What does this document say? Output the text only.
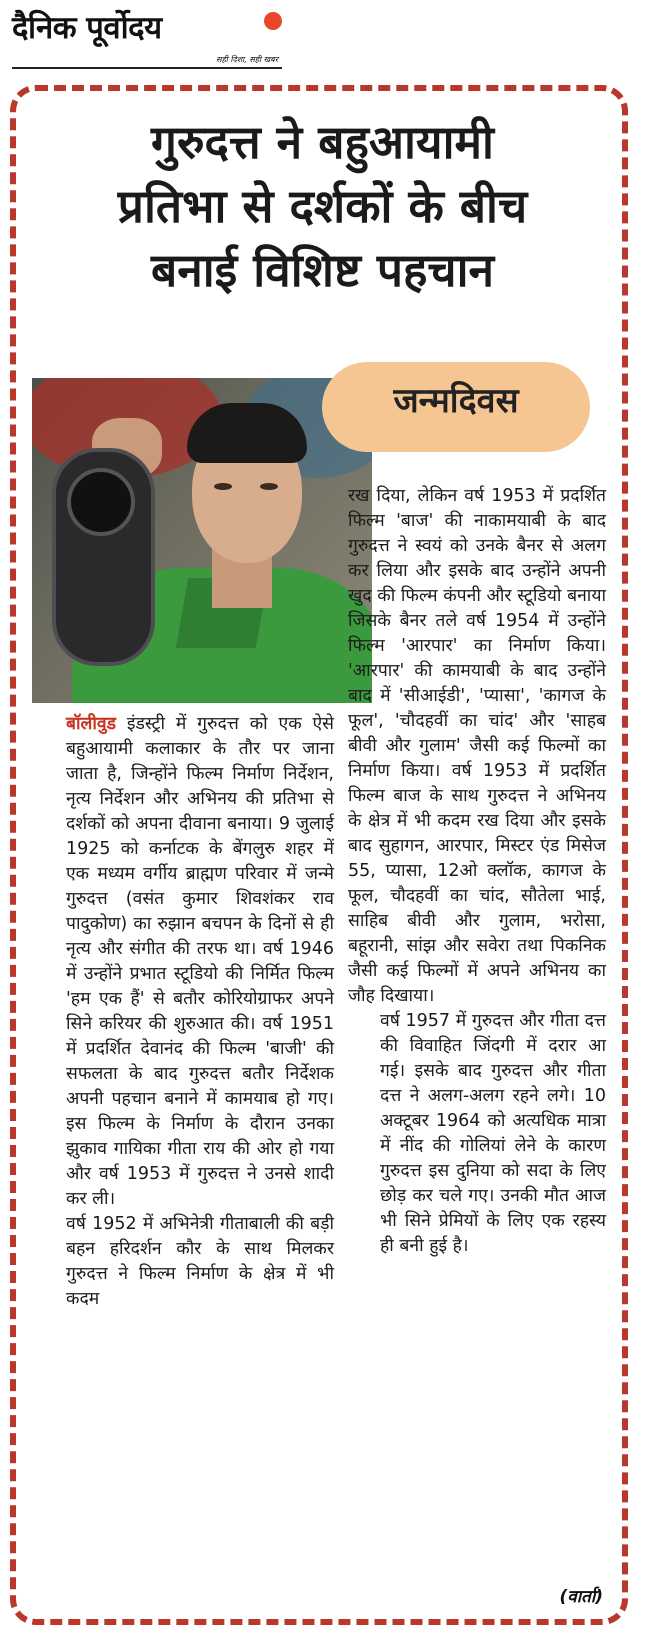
दैनिक पूर्वोदय
सही दिशा, सही खबर
गुरुदत्त ने बहुआयामी
प्रतिभा से दर्शकों के बीच
बनाई विशिष्ट पहचान
जन्मदिवस

रख दिया, लेकिन वर्ष 1953 में प्रदर्शित फिल्म 'बाज' की नाकामयाबी के बाद गुरुदत्त ने स्वयं को उनके बैनर से अलग कर लिया और इसके बाद उन्होंने अपनी खुद की फिल्म कंपनी और स्टूडियो बनाया जिसके बैनर तले वर्ष 1954 में उन्होंने फिल्म 'आरपार' का निर्माण किया। 'आरपार' की कामयाबी के बाद उन्होंने बाद में 'सीआईडी', 'प्यासा', 'कागज के फूल', 'चौदहवीं का चांद' और 'साहब बीवी और गुलाम' जैसी कई फिल्मों का निर्माण किया। वर्ष 1953 में प्रदर्शित फिल्म बाज के साथ गुरुदत्त ने अभिनय के क्षेत्र में भी कदम रख दिया और इसके बाद सुहागन, आरपार, मिस्टर एंड मिसेज 55, प्यासा, 12ओ क्लॉक, कागज के फूल, चौदहवीं का चांद, सौतेला भाई, साहिब बीवी और गुलाम, भरोसा, बहूरानी, सांझ और सवेरा तथा पिकनिक जैसी कई फिल्मों में अपने अभिनय का जौह दिखाया।

वर्ष 1957 में गुरुदत्त और गीता दत्त की विवाहित जिंदगी में दरार आ गई। इसके बाद गुरुदत्त और गीता दत्त ने अलग-अलग रहने लगे। 10 अक्टूबर 1964 को अत्यधिक मात्रा में नींद की गोलियां लेने के कारण गुरुदत्त इस दुनिया को सदा के लिए छोड़ कर चले गए। उनकी मौत आज भी सिने प्रेमियों के लिए एक रहस्य ही बनी हुई है।

बॉलीवुड इंडस्ट्री में गुरुदत्त को एक ऐसे बहुआयामी कलाकार के तौर पर जाना जाता है, जिन्होंने फिल्म निर्माण निर्देशन, नृत्य निर्देशन और अभिनय की प्रतिभा से दर्शकों को अपना दीवाना बनाया। 9 जुलाई 1925 को कर्नाटक के बेंगलुरु शहर में एक मध्यम वर्गीय ब्राह्मण परिवार में जन्मे गुरुदत्त (वसंत कुमार शिवशंकर राव पादुकोण) का रुझान बचपन के दिनों से ही नृत्य और संगीत की तरफ था। वर्ष 1946 में उन्होंने प्रभात स्टूडियो की निर्मित फिल्म 'हम एक हैं' से बतौर कोरियोग्राफर अपने सिने करियर की शुरुआत की। वर्ष 1951 में प्रदर्शित देवानंद की फिल्म 'बाजी' की सफलता के बाद गुरुदत्त बतौर निर्देशक अपनी पहचान बनाने में कामयाब हो गए। इस फिल्म के निर्माण के दौरान उनका झुकाव गायिका गीता राय की ओर हो गया और वर्ष 1953 में गुरुदत्त ने उनसे शादी कर ली।

वर्ष 1952 में अभिनेत्री गीताबाली की बड़ी बहन हरिदर्शन कौर के साथ मिलकर गुरुदत्त ने फिल्म निर्माण के क्षेत्र में भी कदम

(वार्ता)
